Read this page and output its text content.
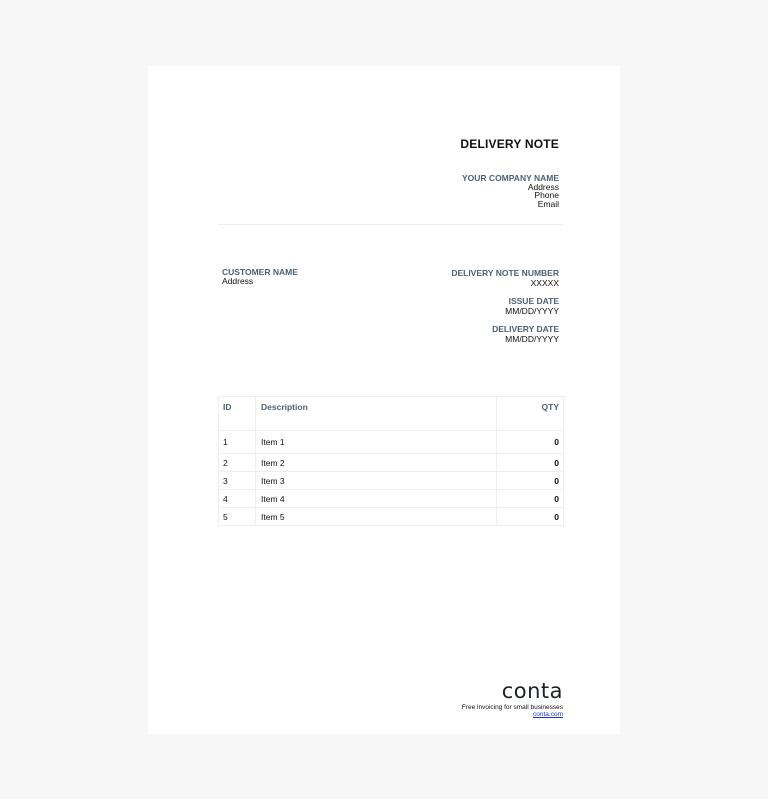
DELIVERY NOTE
YOUR COMPANY NAME
Address
Phone
Email
CUSTOMER NAME
Address
DELIVERY NOTE NUMBER
XXXXX
ISSUE DATE
MM/DD/YYYY
DELIVERY DATE
MM/DD/YYYY
ID	Description	QTY
1	Item 1	0
2	Item 2	0
3	Item 3	0
4	Item 4	0
5	Item 5	0
conta
Free invoicing for small businesses
conta.com
